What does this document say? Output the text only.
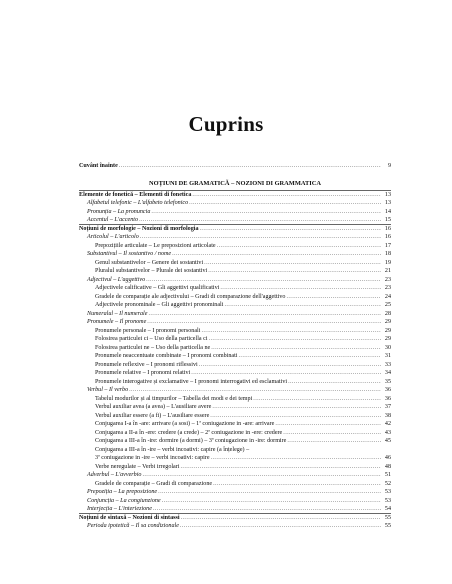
Cuprins
Cuvânt înainte .....	9
NOȚIUNI DE GRAMATICĂ – NOZIONI DI GRAMMATICA
Elemente de fonetică – Elementi di fonetica .....	13
Alfabetul telefonic – L'alfabeto telefonico .....	13
Pronunția – La pronuncia .....	14
Accentul – L'accento .....	15
Noțiuni de morfologie – Nozioni di morfologia .....	16
Articolul – L'articolo .....	16
Prepozițiile articulate – Le preposizioni articolate .....	17
Substantivul – Il sostantivo / nome .....	18
Genul substantivelor – Genere dei sostantivi .....	19
Pluralul substantivelor – Plurale dei sostantivi .....	21
Adjectivul – L'aggettivo .....	23
Adjectivele calificative – Gli aggettivi qualificativi .....	23
Gradele de comparație ale adjectivului – Gradi di comparazione dell'aggettivo .....	24
Adjectivele pronominale – Gli aggettivi pronominali .....	25
Numeralul – Il numerale .....	28
Pronumele – Il pronome .....	29
Pronumele personale – I pronomi personali .....	29
Folosirea particulei ci – Uso della particella ci .....	29
Folosirea particulei ne – Uso della particella ne .....	30
Pronumele neaccentuate combinate – I pronomi combinati .....	31
Pronumele reflexive – I pronomi riflessivi .....	33
Pronumele relative – I pronomi relativi .....	34
Pronumele interogative și exclamative – I pronomi interrogativi ed esclamativi .....	35
Verbul – Il verbo .....	36
Tabelul modurilor și al timpurilor – Tabella dei modi e dei tempi .....	36
Verbul auxiliar avea (a avea) – L'ausiliare avere .....	37
Verbul auxiliar essere (a fi) – L'ausiliare essere .....	38
Conjugarea I-a în -are: arrivare (a sosi) – 1ª coniugazione in -are: arrivare .....	42
Conjugarea a II-a în -ere: credere (a crede) – 2ª coniugazione in -ere: credere .....	43
Conjugarea a III-a în -ire: dormire (a dormi) – 3ª coniugazione in -ire: dormire .....	45
Conjugarea a III-a în -ire – verbi incoativi: capire (a înțelege) –
3ª coniugazione in -ire – verbi incoativi: capire .....	46
Verbe neregulate – Verbi irregolari .....	48
Adverbul – L'avverbio .....	51
Gradele de comparație – Gradi di comparazione .....	52
Prepoziția – La preposizione .....	53
Conjuncția – La congiunzione .....	53
Interjecția – L'interiezione .....	54
Noțiuni de sintaxă – Nozioni di sintassi .....	55
Perioda ipotetică – Il sa condizionale .....	55
